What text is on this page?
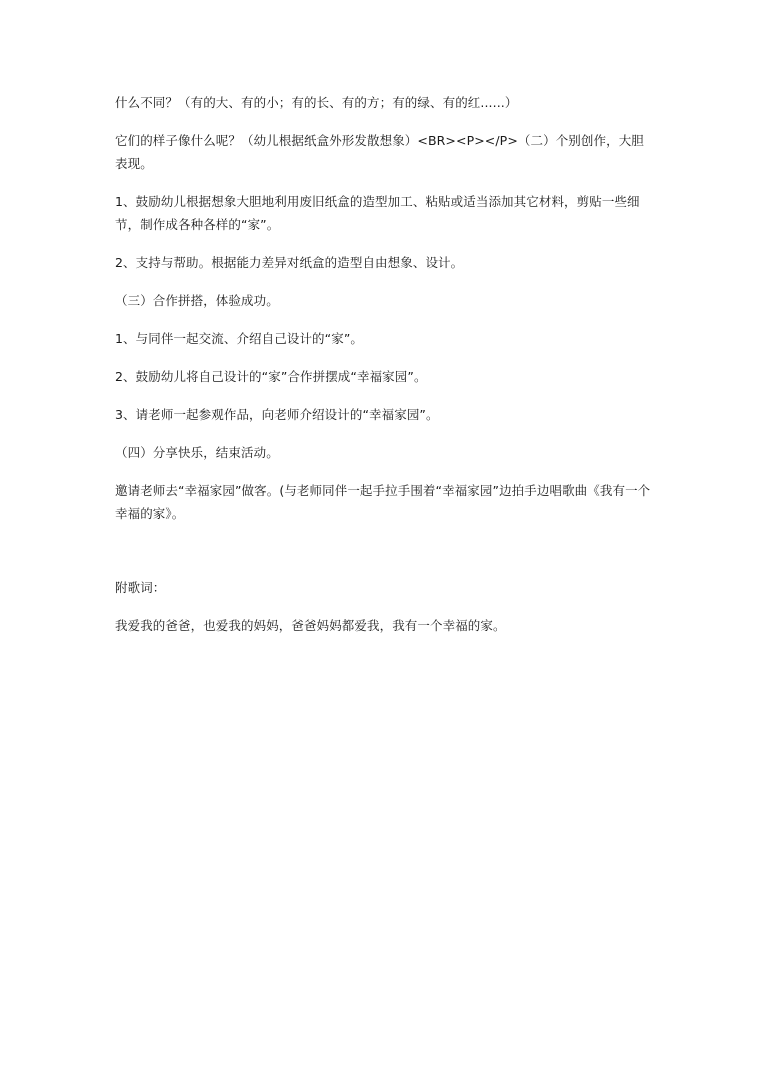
什么不同？（有的大、有的小；有的长、有的方；有的绿、有的红......）

它们的样子像什么呢？（幼儿根据纸盒外形发散想象）<BR><P></P>（二）个别创作，大胆表现。

1、鼓励幼儿根据想象大胆地利用废旧纸盒的造型加工、粘贴或适当添加其它材料，剪贴一些细节，制作成各种各样的“家”。

2、支持与帮助。根据能力差异对纸盒的造型自由想象、设计。

（三）合作拼搭，体验成功。

1、与同伴一起交流、介绍自己设计的“家”。

2、鼓励幼儿将自己设计的“家”合作拼摆成“幸福家园”。

3、请老师一起参观作品，向老师介绍设计的“幸福家园”。

（四）分享快乐，结束活动。

邀请老师去“幸福家园”做客。(与老师同伴一起手拉手围着“幸福家园”边拍手边唱歌曲《我有一个幸福的家》。

附歌词：

我爱我的爸爸，也爱我的妈妈，爸爸妈妈都爱我，我有一个幸福的家。
